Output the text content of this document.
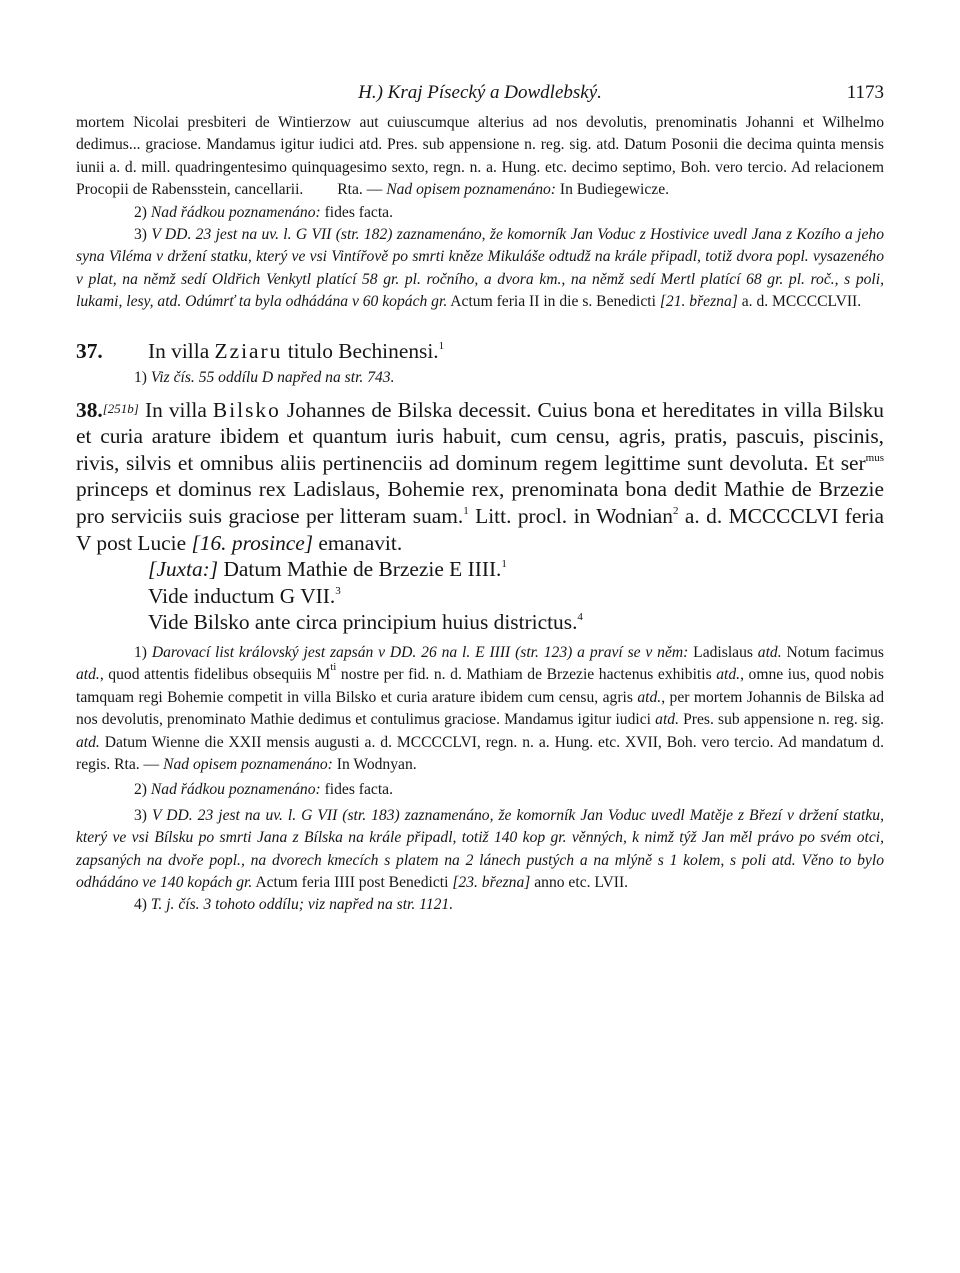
H.) Kraj Písecký a Dowdlebský.	1173

mortem Nicolai presbiteri de Wintierzow aut cuiuscumque alterius ad nos devolutis, prenominatis Johanni et Wilhelmo dedimus... graciose. Mandamus igitur iudici atd. Pres. sub appensione n. reg. sig. atd. Datum Posonii die decima quinta mensis iunii a. d. mill. quadringentesimo quinquagesimo sexto, regn. n. a. Hung. etc. decimo septimo, Boh. vero tercio. Ad relacionem Procopii de Rabensstein, cancellarii. Rta. — Nad opisem poznamenáno: In Budiegewicze.

2) Nad řádkou poznamenáno: fides facta.

3) V DD. 23 jest na uv. l. G VII (str. 182) zaznamenáno, že komorník Jan Voduc z Hostivice uvedl Jana z Kozího a jeho syna Viléma v držení statku, který ve vsi Vintířově po smrti kněze Mikuláše odtudž na krále připadl, totiž dvora popl. vysazeného v plat, na němž sedí Oldřich Venkytl platící 58 gr. pl. ročního, a dvora km., na němž sedí Mertl platící 68 gr. pl. roč., s poli, lukami, lesy, atd. Odúmrť ta byla odhádána v 60 kopách gr. Actum feria II in die s. Benedicti [21. března] a. d. MCCCCLVII.

37.	In villa Zziaru titulo Bechinensi.$^1$

1) Viz čís. 55 oddílu D napřed na str. 743.

38.[251b] In villa Bilsko Johannes de Bilska decessit. Cuius bona et hereditates in villa Bilsku et curia arature ibidem et quantum iuris habuit, cum censu, agris, pratis, pascuis, piscinis, rivis, silvis et omnibus aliis pertinenciis ad dominum regem legittime sunt devoluta. Et ser$^{mus}$ princeps et dominus rex Ladislaus, Bohemie rex, prenominata bona dedit Mathie de Brzezie pro serviciis suis graciose per litteram suam.$^1$ Litt. procl. in Wodnian$^2$ a. d. MCCCCLVI feria V post Lucie [16. prosince] emanavit.

[Juxta:] Datum Mathie de Brzezie E IIII.$^1$

Vide inductum G VII.$^3$

Vide Bilsko ante circa principium huius districtus.$^4$

1) Darovací list královský jest zapsán v DD. 26 na l. E IIII (str. 123) a praví se v něm: Ladislaus atd. Notum facimus atd., quod attentis fidelibus obsequiis $M^{ti}$ nostre per fid. n. d. Mathiam de Brzezie hactenus exhibitis atd., omne ius, quod nobis tamquam regi Bohemie competit in villa Bilsko et curia arature ibidem cum censu, agris atd., per mortem Johannis de Bilska ad nos devolutis, prenominato Mathie dedimus et contulimus graciose. Mandamus igitur iudici atd. Pres. sub appensione n. reg. sig. atd. Datum Wienne die XXII mensis augusti a. d. MCCCCLVI, regn. n. a. Hung. etc. XVII, Boh. vero tercio. Ad mandatum d. regis. Rta. — Nad opisem poznamenáno: In Wodnyan.

2) Nad řádkou poznamenáno: fides facta.

3) V DD. 23 jest na uv. l. G VII (str. 183) zaznamenáno, že komorník Jan Voduc uvedl Matěje z Březí v držení statku, který ve vsi Bílsku po smrti Jana z Bílska na krále připadl, totiž 140 kop gr. věnných, k nimž týž Jan měl právo po svém otci, zapsaných na dvoře popl., na dvorech kmecích s platem na 2 lánech pustých a na mlýně s 1 kolem, s poli atd. Věno to bylo odhádáno ve 140 kopách gr. Actum feria IIII post Benedicti [23. března] anno etc. LVII.

4) T. j. čís. 3 tohoto oddílu; viz napřed na str. 1121.
